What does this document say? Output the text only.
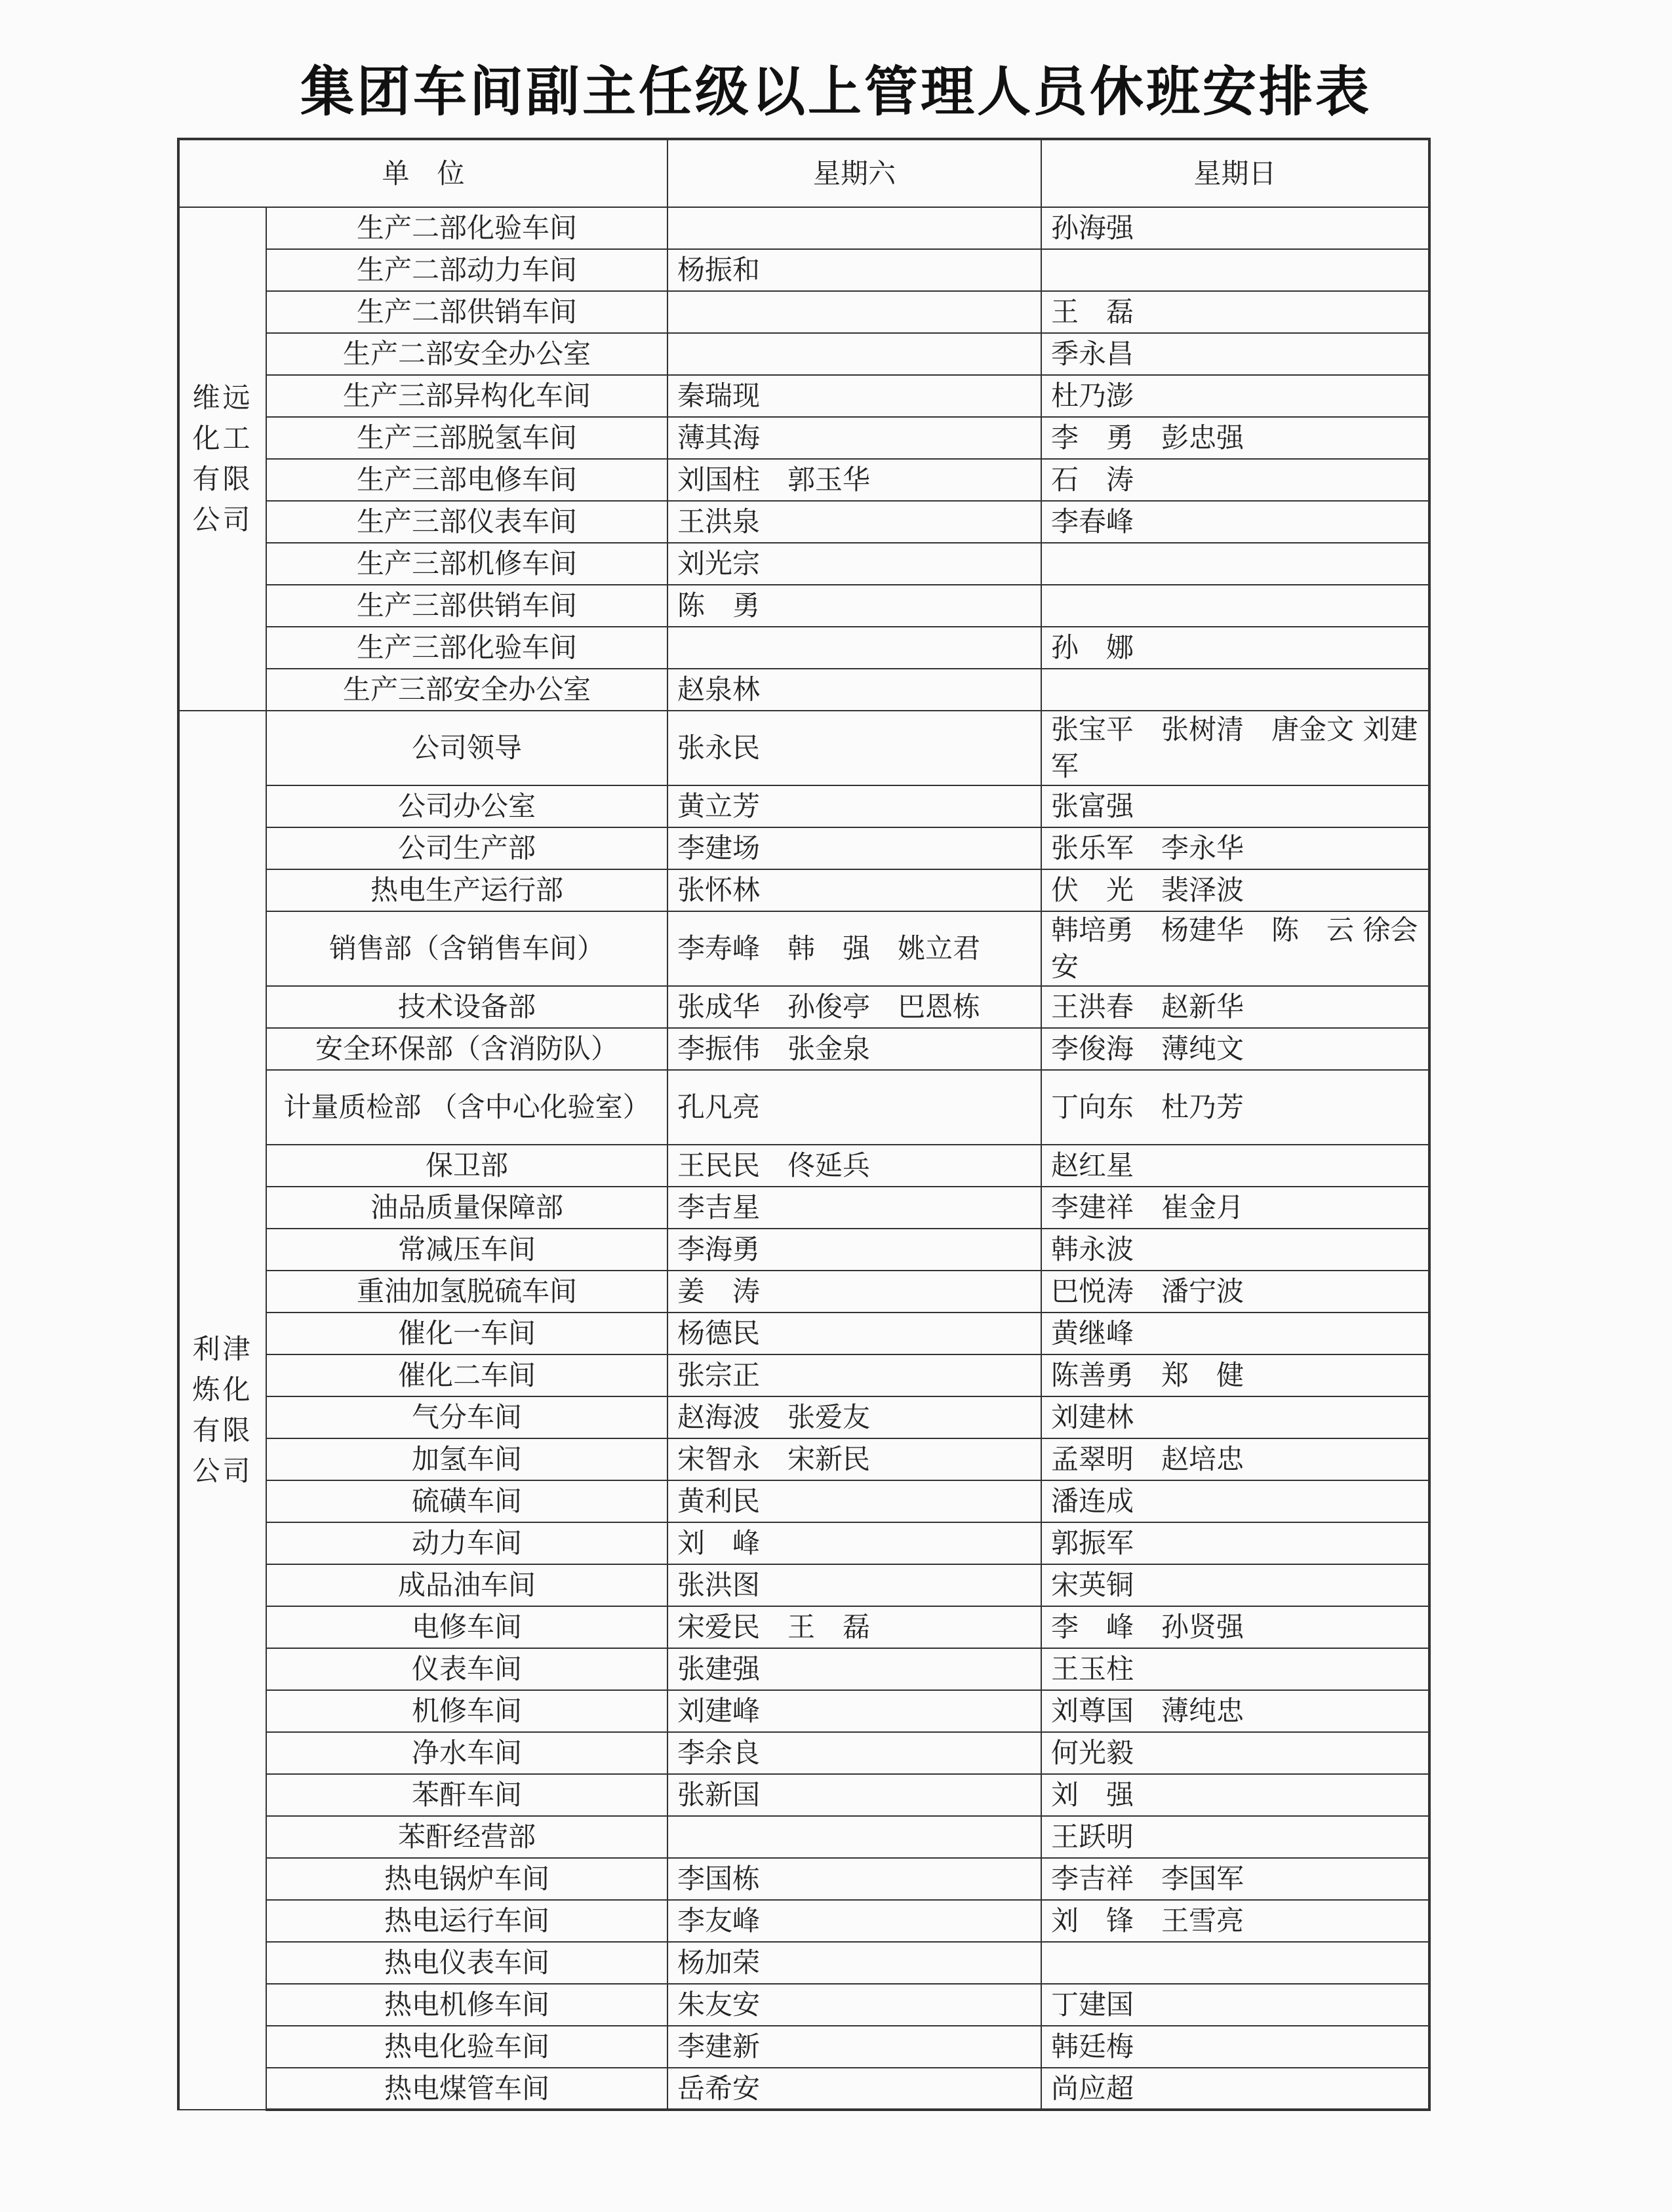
集团车间副主任级以上管理人员休班安排表
单　位		星期六	星期日

维远化工有限公司	生产二部化验车间		孙海强
	生产二部动力车间	杨振和	
	生产二部供销车间		王　磊
	生产二部安全办公室		季永昌
	生产三部异构化车间	秦瑞现	杜乃澎
	生产三部脱氢车间	薄其海	李　勇　彭忠强
	生产三部电修车间	刘国柱　郭玉华	石　涛
	生产三部仪表车间	王洪泉	李春峰
	生产三部机修车间	刘光宗	
	生产三部供销车间	陈　勇	
	生产三部化验车间		孙　娜
	生产三部安全办公室	赵泉林	

利津炼化有限公司	公司领导	张永民	张宝平　张树清　唐金文 刘建军
	公司办公室	黄立芳	张富强
	公司生产部	李建场	张乐军　李永华
	热电生产运行部	张怀林	伏　光　裴泽波
	销售部（含销售车间）	李寿峰　韩　强　姚立君	韩培勇　杨建华　陈　云 徐会安
	技术设备部	张成华　孙俊亭　巴恩栋	王洪春　赵新华
	安全环保部（含消防队）	李振伟　张金泉	李俊海　薄纯文
	计量质检部 （含中心化验室）	孔凡亮	丁向东　杜乃芳
	保卫部	王民民　佟延兵	赵红星
	油品质量保障部	李吉星	李建祥　崔金月
	常减压车间	李海勇	韩永波
	重油加氢脱硫车间	姜　涛	巴悦涛　潘宁波
	催化一车间	杨德民	黄继峰
	催化二车间	张宗正	陈善勇　郑　健
	气分车间	赵海波　张爱友	刘建林
	加氢车间	宋智永　宋新民	孟翠明　赵培忠
	硫磺车间	黄利民	潘连成
	动力车间	刘　峰	郭振军
	成品油车间	张洪图	宋英铜
	电修车间	宋爱民　王　磊	李　峰　孙贤强
	仪表车间	张建强	王玉柱
	机修车间	刘建峰	刘尊国　薄纯忠
	净水车间	李余良	何光毅
	苯酐车间	张新国	刘　强
	苯酐经营部		王跃明
	热电锅炉车间	李国栋	李吉祥　李国军
	热电运行车间	李友峰	刘　锋　王雪亮
	热电仪表车间	杨加荣	
	热电机修车间	朱友安	丁建国
	热电化验车间	李建新	韩廷梅
	热电煤管车间	岳希安	尚应超
